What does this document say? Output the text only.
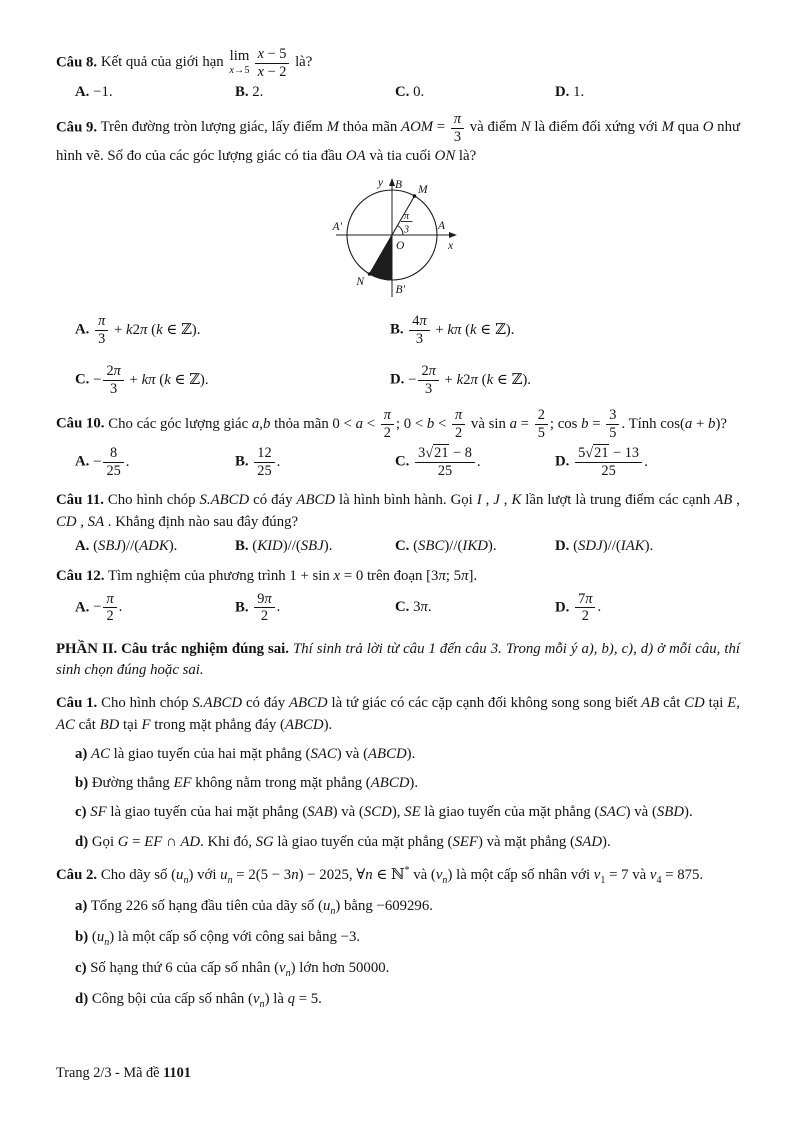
Câu 8. Kết quả của giới hạn lim
$x\to 5 \frac{x - 5}{x - 2}$ là?

A. −1.	B. 2.	C. 0.	D. 1.

Câu 9. Trên đường tròn lượng giác, lấy điểm M thỏa mãn AOM = $\frac{\pi}{3}$ và điểm N là điểm đối xứng với M qua O như hình vẽ. Số đo của các góc lượng giác có tia đầu OA và tia cuối ON là?

y B M
A'	A
x
O
π
3
N
B'
A. $\frac{\pi}{3} + k2\pi$ (k ∈ ℤ).	B. $\frac{4\pi}{3} + k\pi$ (k ∈ ℤ).
C. − $\frac{2\pi}{3} + k\pi$ (k ∈ ℤ).	D. − $\frac{2\pi}{3} + k2\pi$ (k ∈ ℤ).

Câu 10. Cho các góc lượng giác a,b thỏa mãn $0 < a < \frac{\pi}{2}$ ; $0 < b < \frac{\pi}{2}$ và $\sin a = \frac{2}{5}$ ; $\cos b = \frac{3}{5}$ . Tính cos(a + b)?

A. − $\frac{8}{25}$ .	B. $\frac{12}{25}$ .	C. $\frac{3 √ 21 - 8}{25}$ .	D. $\frac{5 √ 21 - 13}{25}$ .

Câu 11. Cho hình chóp S.ABCD có đáy ABCD là hình bình hành. Gọi I , J , K lần lượt là trung điểm các cạnh AB , CD , SA . Khẳng định nào sau đây đúng?

A. (SBJ)//(ADK).	B. (KID)//(SBJ).	C. (SBC)//(IKD).	D. (SDJ)//(IAK).

Câu 12. Tìm nghiệm của phương trình 1 + sin x = 0 trên đoạn [3π; 5π].

A. − $\frac{\pi}{2}$ .	B. $\frac{9\pi}{2}$ .	C. 3π.	D. $\frac{7\pi}{2}$ .

PHẦN II. Câu trắc nghiệm đúng sai. Thí sinh trả lời từ câu 1 đến câu 3. Trong mỗi ý a), b), c), d) ở mỗi câu, thí sinh chọn đúng hoặc sai.

Câu 1. Cho hình chóp S.ABCD có đáy ABCD là tứ giác có các cặp cạnh đối không song song biết AB cắt CD tại E, AC cắt BD tại F trong mặt phẳng đáy (ABCD).

a) AC là giao tuyến của hai mặt phẳng (SAC) và (ABCD).

b) Đường thẳng EF không nằm trong mặt phẳng (ABCD).

c) SF là giao tuyến của hai mặt phẳng (SAB) và (SCD), SE là giao tuyến của mặt phẳng (SAC) và (SBD).

d) Gọi G = EF ∩ AD. Khi đó, SG là giao tuyến của mặt phẳng (SEF) và mặt phẳng (SAD).

Câu 2. Cho dãy số $(u_n)$ với $u_n = 2(5 - 3n) - 2025$, ∀n ∈ ℕ* và $(v_n)$ là một cấp số nhân với $v_1 = 7$ và $v_4 = 875$.

a) Tổng 226 số hạng đầu tiên của dãy số $(u_n)$ bằng −609296.

b) $(u_n)$ là một cấp số cộng với công sai bằng −3.

c) Số hạng thứ 6 của cấp số nhân $(v_n)$ lớn hơn 50000.

d) Công bội của cấp số nhân $(v_n)$ là q = 5.

Trang 2/3 - Mã đề 1101
